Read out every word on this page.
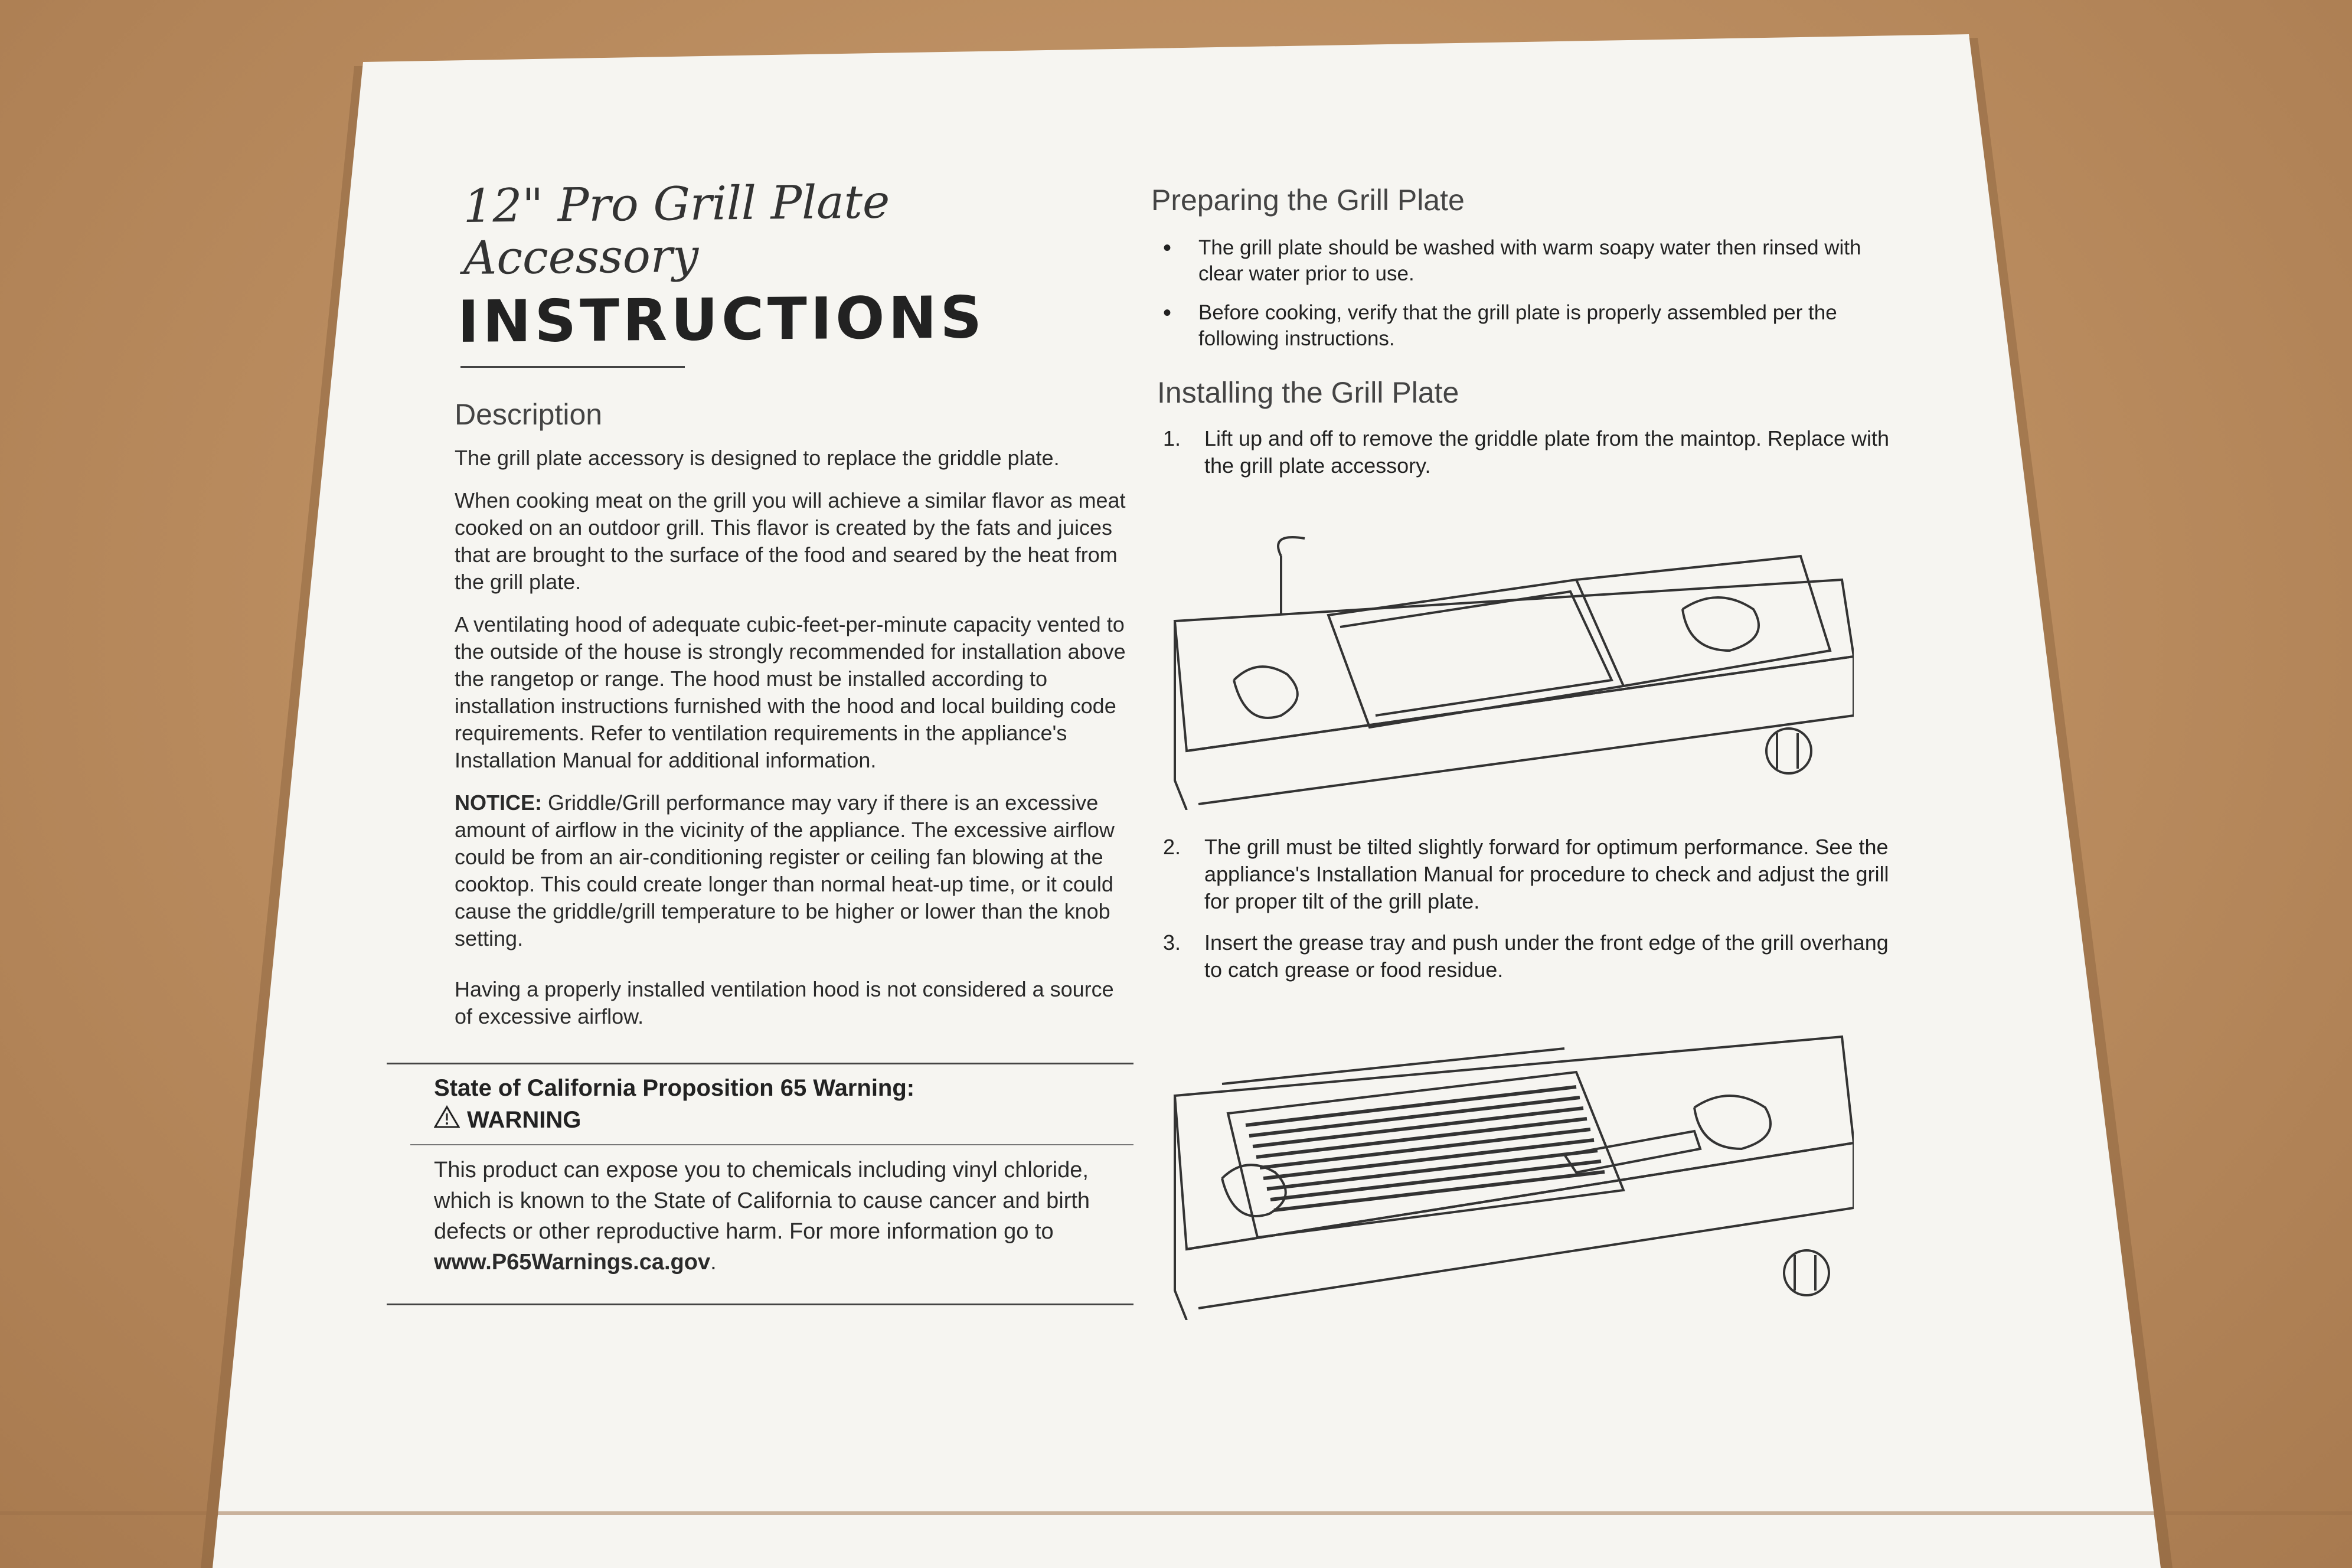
12" Pro Grill Plate
Accessory
INSTRUCTIONS
Description

The grill plate accessory is designed to replace the griddle plate.

When cooking meat on the grill you will achieve a similar flavor as meat cooked on an outdoor grill. This flavor is created by the fats and juices that are brought to the surface of the food and seared by the heat from the grill plate.

A ventilating hood of adequate cubic-feet-per-minute capacity vented to the outside of the house is strongly recommended for installation above the rangetop or range. The hood must be installed according to installation instructions furnished with the hood and local building code requirements. Refer to ventilation requirements in the appliance's Installation Manual for additional information.

NOTICE: Griddle/Grill performance may vary if there is an excessive amount of airflow in the vicinity of the appliance. The excessive airflow could be from an air-conditioning register or ceiling fan blowing at the cooktop. This could create longer than normal heat-up time, or it could cause the griddle/grill temperature to be higher or lower than the knob setting.

Having a properly installed ventilation hood is not considered a source of excessive airflow.

State of California Proposition 65 Warning:
WARNING

This product can expose you to chemicals including vinyl chloride, which is known to the State of California to cause cancer and birth defects or other reproductive harm. For more information go to www.P65Warnings.ca.gov.

Preparing the Grill Plate
•	The grill plate should be washed with warm soapy water then rinsed with clear water prior to use.
•	Before cooking, verify that the grill plate is properly assembled per the following instructions.
Installing the Grill Plate
1.	Lift up and off to remove the griddle plate from the maintop. Replace with the grill plate accessory.
2.	The grill must be tilted slightly forward for optimum performance. See the appliance's Installation Manual for procedure to check and adjust the grill for proper tilt of the grill plate.
3.	Insert the grease tray and push under the front edge of the grill overhang to catch grease or food residue.
